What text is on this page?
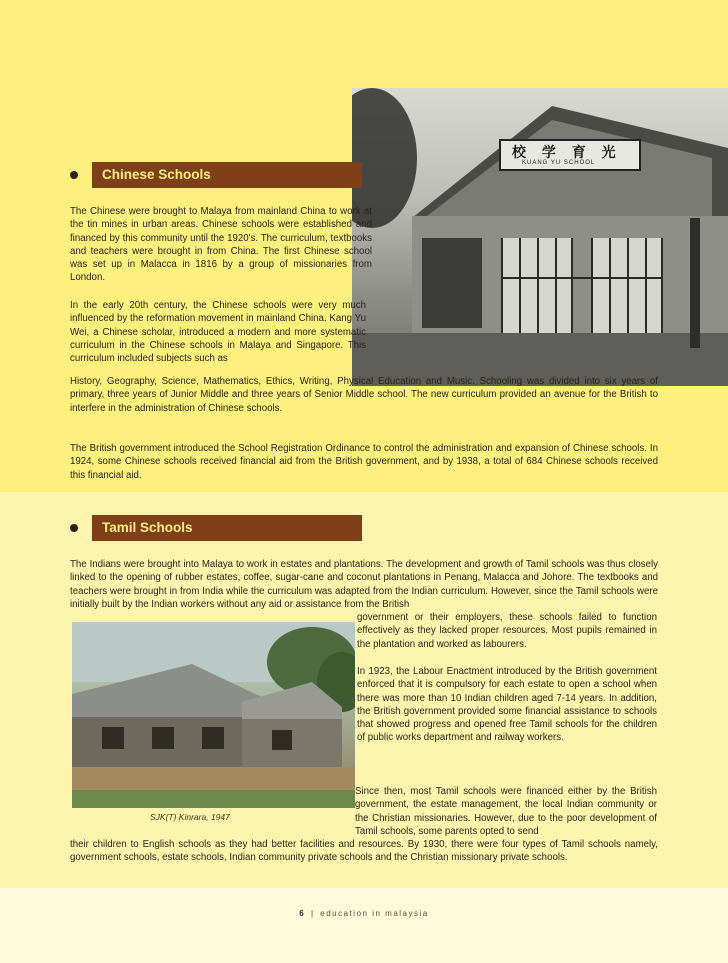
校 学 育 光
KUANG YU SCHOOL
Chinese Schools

The Chinese were brought to Malaya from mainland China to work at the tin mines in urban areas. Chinese schools were established and financed by this community until the 1920's. The curriculum, textbooks and teachers were brought in from China. The first Chinese school was set up in Malacca in 1816 by a group of missionaries from London.

In the early 20th century, the Chinese schools were very much influenced by the reformation movement in mainland China. Kang Yu Wei, a Chinese scholar, introduced a modern and more systematic curriculum in the Chinese schools in Malaya and Singapore. This curriculum included subjects such as

History, Geography, Science, Mathematics, Ethics, Writing, Physical Education and Music. Schooling was divided into six years of primary, three years of Junior Middle and three years of Senior Middle school. The new curriculum provided an avenue for the British to interfere in the administration of Chinese schools.

The British government introduced the School Registration Ordinance to control the administration and expansion of Chinese schools. In 1924, some Chinese schools received financial aid from the British government, and by 1938, a total of 684 Chinese schools received this financial aid.

Tamil Schools

The Indians were brought into Malaya to work in estates and plantations. The development and growth of Tamil schools was thus closely linked to the opening of rubber estates, coffee, sugar-cane and coconut plantations in Penang, Malacca and Johore. The textbooks and teachers were brought in from India while the curriculum was adapted from the Indian curriculum. However, since the Tamil schools were initially built by the Indian workers without any aid or assistance from the British

government or their employers, these schools failed to function effectively as they lacked proper resources. Most pupils remained in the plantation and worked as labourers.

SJK(T) Kinrara, 1947

In 1923, the Labour Enactment introduced by the British government enforced that it is compulsory for each estate to open a school when there was more than 10 Indian children aged 7-14 years. In addition, the British government provided some financial assistance to schools that showed progress and opened free Tamil schools for the children of public works department and railway workers.

Since then, most Tamil schools were financed either by the British government, the estate management, the local Indian community or the Christian missionaries. However, due to the poor development of Tamil schools, some parents opted to send

their children to English schools as they had better facilities and resources. By 1930, there were four types of Tamil schools namely, government schools, estate schools, Indian community private schools and the Christian missionary private schools.

6 | education in malaysia
